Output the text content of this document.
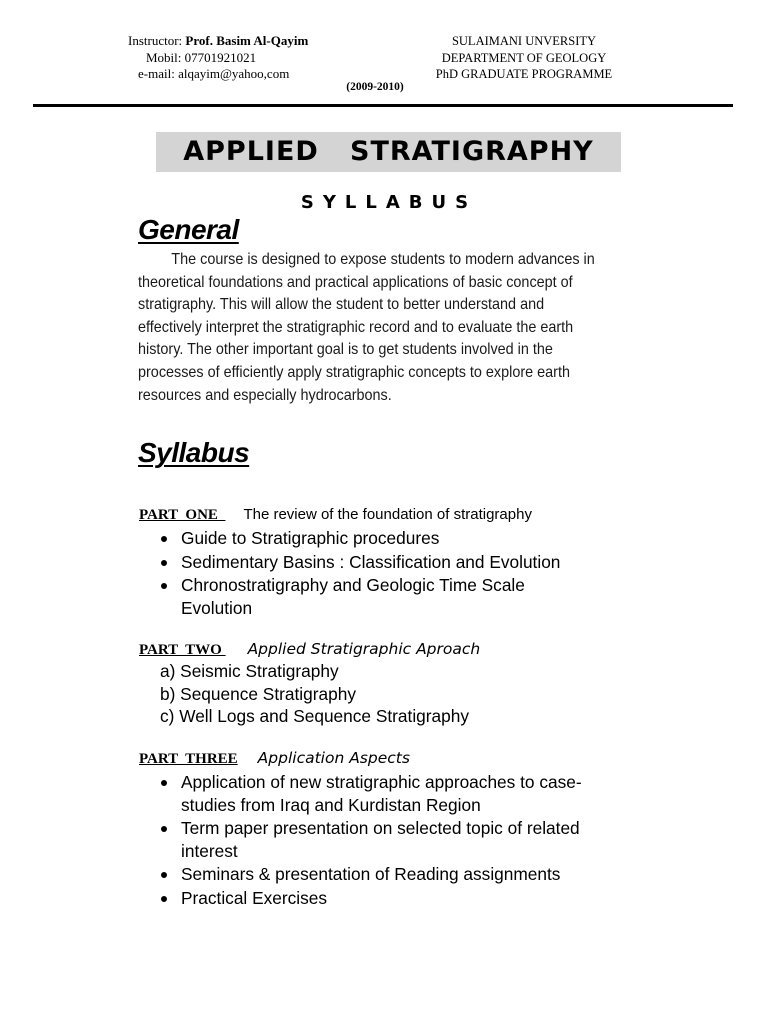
Instructor: Prof. Basim Al-Qayim
Mobil: 07701921021
e-mail: alqayim@yahoo,com
SULAIMANI UNVERSITY
DEPARTMENT OF GEOLOGY
PhD GRADUATE PROGRAMME
(2009-2010)
APPLIED   STRATIGRAPHY
SYLLABUS
General
The course is designed to expose students to modern advances in
theoretical foundations and practical applications of basic concept of
stratigraphy. This will allow the student to better understand and
effectively interpret the stratigraphic record and to evaluate the earth
history. The other important goal is to get students involved in the
processes of efficiently apply stratigraphic concepts to explore earth
resources and especially hydrocarbons.
Syllabus
PART  ONE   The review of the foundation of stratigraphy
Guide to Stratigraphic procedures
Sedimentary Basins : Classification and Evolution
Chronostratigraphy and Geologic Time Scale Evolution
PART  TWO  Applied Stratigraphic Aproach
a) Seismic Stratigraphy
b) Sequence Stratigraphy
c) Well Logs and Sequence Stratigraphy
PART  THREE Application Aspects
Application of new stratigraphic approaches to case- studies from Iraq and Kurdistan Region
Term paper presentation on selected topic of related interest
Seminars & presentation of Reading assignments
Practical Exercises
